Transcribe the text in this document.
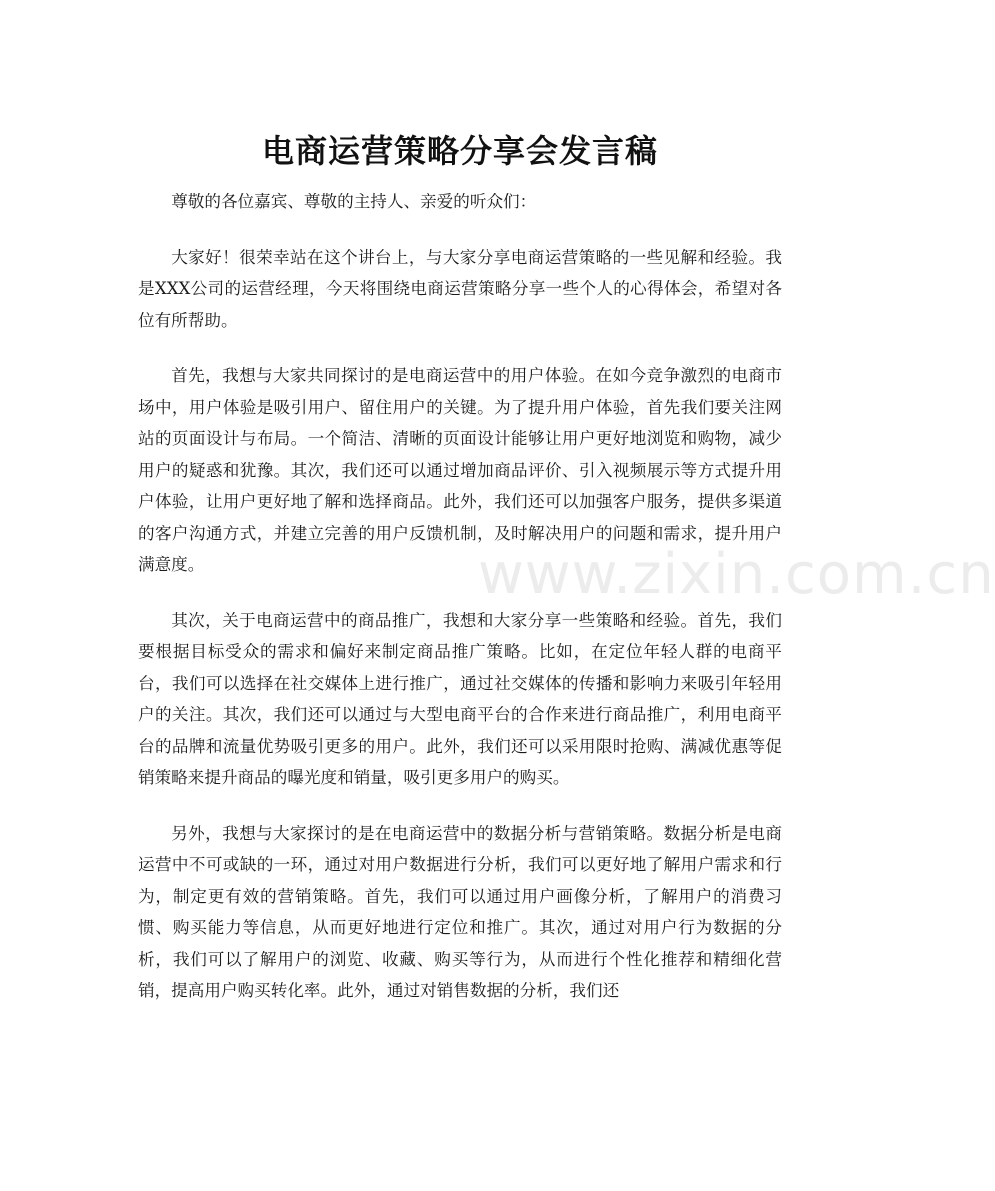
电商运营策略分享会发言稿

尊敬的各位嘉宾、尊敬的主持人、亲爱的听众们：

大家好！很荣幸站在这个讲台上，与大家分享电商运营策略的一些见解和经验。我是XXX公司的运营经理，今天将围绕电商运营策略分享一些个人的心得体会，希望对各位有所帮助。

首先，我想与大家共同探讨的是电商运营中的用户体验。在如今竞争激烈的电商市场中，用户体验是吸引用户、留住用户的关键。为了提升用户体验，首先我们要关注网站的页面设计与布局。一个简洁、清晰的页面设计能够让用户更好地浏览和购物，减少用户的疑惑和犹豫。其次，我们还可以通过增加商品评价、引入视频展示等方式提升用户体验，让用户更好地了解和选择商品。此外，我们还可以加强客户服务，提供多渠道的客户沟通方式，并建立完善的用户反馈机制，及时解决用户的问题和需求，提升用户满意度。

其次，关于电商运营中的商品推广，我想和大家分享一些策略和经验。首先，我们要根据目标受众的需求和偏好来制定商品推广策略。比如，在定位年轻人群的电商平台，我们可以选择在社交媒体上进行推广，通过社交媒体的传播和影响力来吸引年轻用户的关注。其次，我们还可以通过与大型电商平台的合作来进行商品推广，利用电商平台的品牌和流量优势吸引更多的用户。此外，我们还可以采用限时抢购、满减优惠等促销策略来提升商品的曝光度和销量，吸引更多用户的购买。

另外，我想与大家探讨的是在电商运营中的数据分析与营销策略。数据分析是电商运营中不可或缺的一环，通过对用户数据进行分析，我们可以更好地了解用户需求和行为，制定更有效的营销策略。首先，我们可以通过用户画像分析，了解用户的消费习惯、购买能力等信息，从而更好地进行定位和推广。其次，通过对用户行为数据的分析，我们可以了解用户的浏览、收藏、购买等行为，从而进行个性化推荐和精细化营销，提高用户购买转化率。此外，通过对销售数据的分析，我们还

www.zixin.com.cn
